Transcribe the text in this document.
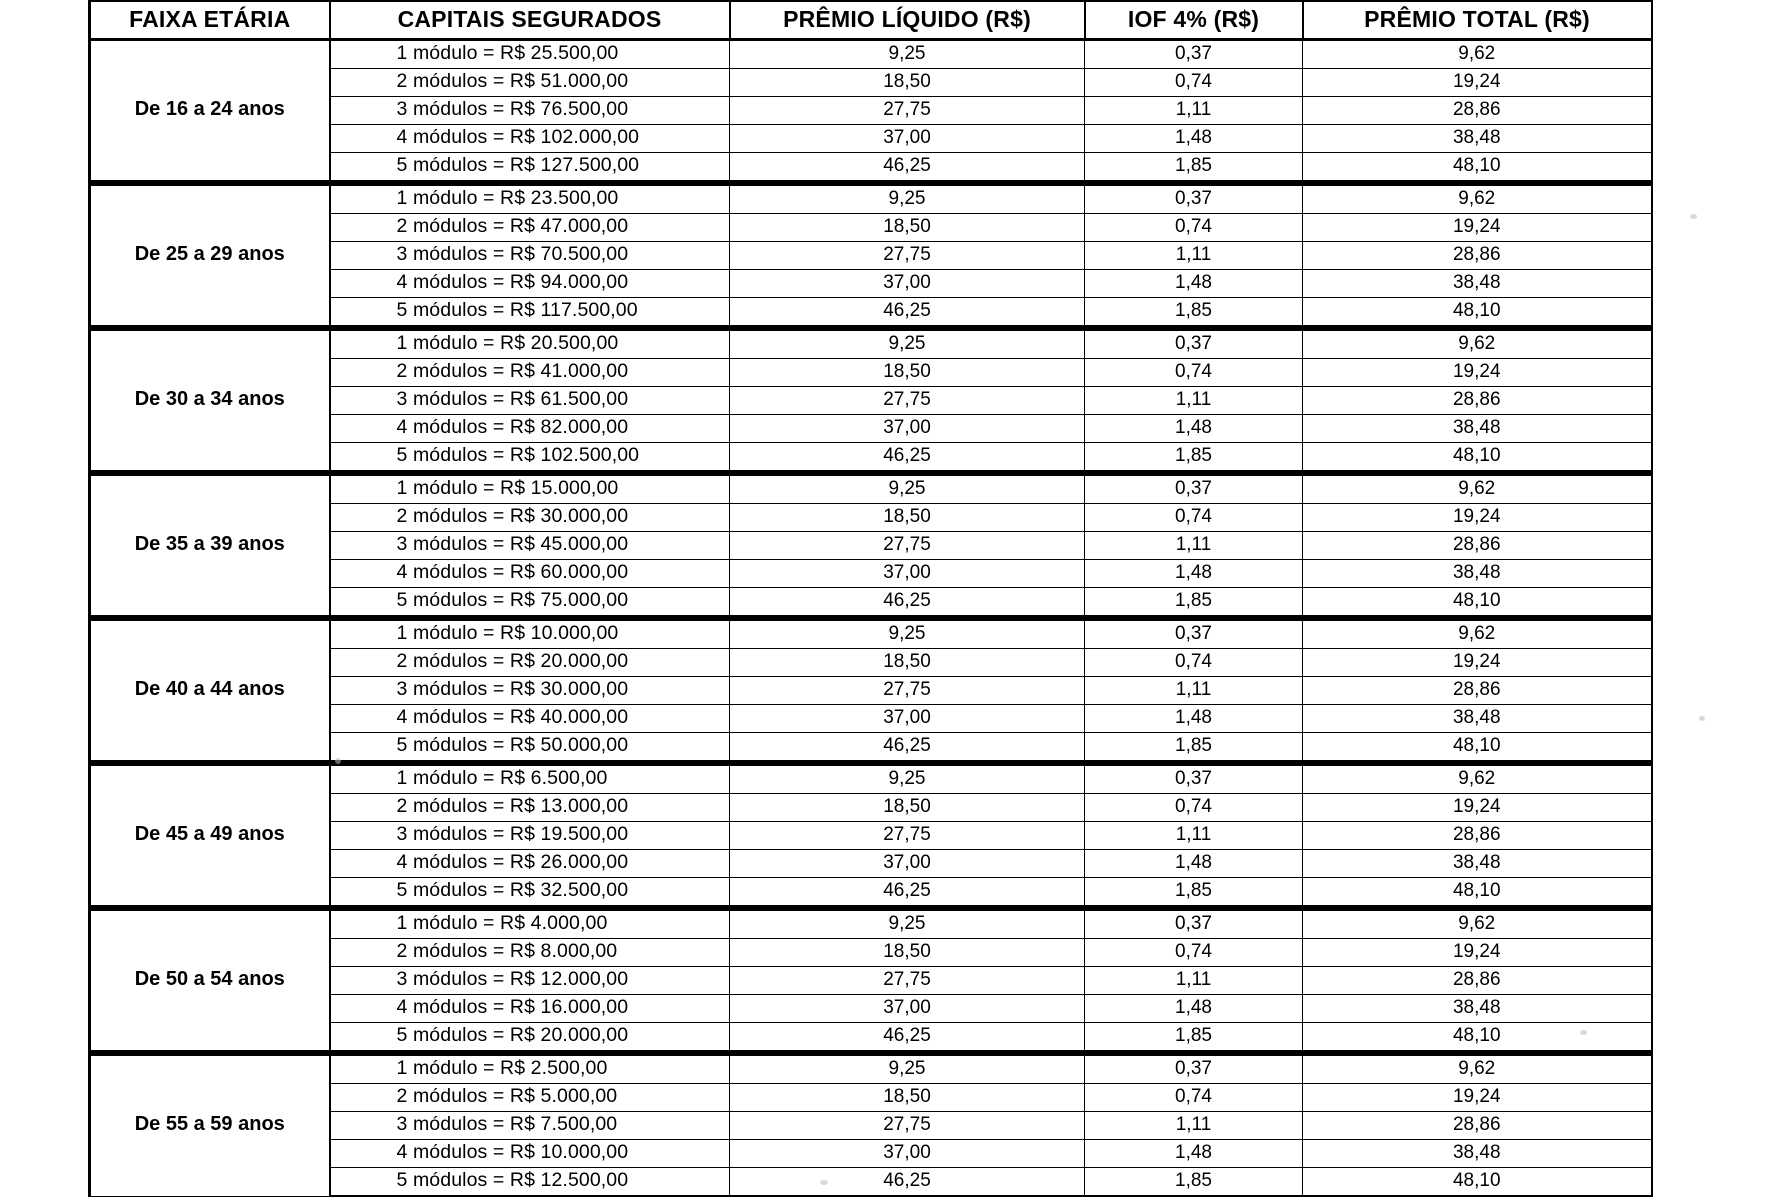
FAIXA ETÁRIA	CAPITAIS SEGURADOS	PRÊMIO LÍQUIDO (R$)	IOF 4% (R$)	PRÊMIO TOTAL (R$)
De 16 a 24 anos	1 módulo = R$ 25.500,00	9,25	0,37	9,62
	2 módulos = R$ 51.000,00	18,50	0,74	19,24
	3 módulos = R$ 76.500,00	27,75	1,11	28,86
	4 módulos = R$ 102.000,00	37,00	1,48	38,48
	5 módulos = R$ 127.500,00	46,25	1,85	48,10
De 25 a 29 anos	1 módulo = R$ 23.500,00	9,25	0,37	9,62
	2 módulos = R$ 47.000,00	18,50	0,74	19,24
	3 módulos = R$ 70.500,00	27,75	1,11	28,86
	4 módulos = R$ 94.000,00	37,00	1,48	38,48
	5 módulos = R$ 117.500,00	46,25	1,85	48,10
De 30 a 34 anos	1 módulo = R$ 20.500,00	9,25	0,37	9,62
	2 módulos = R$ 41.000,00	18,50	0,74	19,24
	3 módulos = R$ 61.500,00	27,75	1,11	28,86
	4 módulos = R$ 82.000,00	37,00	1,48	38,48
	5 módulos = R$ 102.500,00	46,25	1,85	48,10
De 35 a 39 anos	1 módulo = R$ 15.000,00	9,25	0,37	9,62
	2 módulos = R$ 30.000,00	18,50	0,74	19,24
	3 módulos = R$ 45.000,00	27,75	1,11	28,86
	4 módulos = R$ 60.000,00	37,00	1,48	38,48
	5 módulos = R$ 75.000,00	46,25	1,85	48,10
De 40 a 44 anos	1 módulo = R$ 10.000,00	9,25	0,37	9,62
	2 módulos = R$ 20.000,00	18,50	0,74	19,24
	3 módulos = R$ 30.000,00	27,75	1,11	28,86
	4 módulos = R$ 40.000,00	37,00	1,48	38,48
	5 módulos = R$ 50.000,00	46,25	1,85	48,10
De 45 a 49 anos	1 módulo = R$ 6.500,00	9,25	0,37	9,62
	2 módulos = R$ 13.000,00	18,50	0,74	19,24
	3 módulos = R$ 19.500,00	27,75	1,11	28,86
	4 módulos = R$ 26.000,00	37,00	1,48	38,48
	5 módulos = R$ 32.500,00	46,25	1,85	48,10
De 50 a 54 anos	1 módulo = R$ 4.000,00	9,25	0,37	9,62
	2 módulos = R$ 8.000,00	18,50	0,74	19,24
	3 módulos = R$ 12.000,00	27,75	1,11	28,86
	4 módulos = R$ 16.000,00	37,00	1,48	38,48
	5 módulos = R$ 20.000,00	46,25	1,85	48,10
De 55 a 59 anos	1 módulo = R$ 2.500,00	9,25	0,37	9,62
	2 módulos = R$ 5.000,00	18,50	0,74	19,24
	3 módulos = R$ 7.500,00	27,75	1,11	28,86
	4 módulos = R$ 10.000,00	37,00	1,48	38,48
	5 módulos = R$ 12.500,00	46,25	1,85	48,10
